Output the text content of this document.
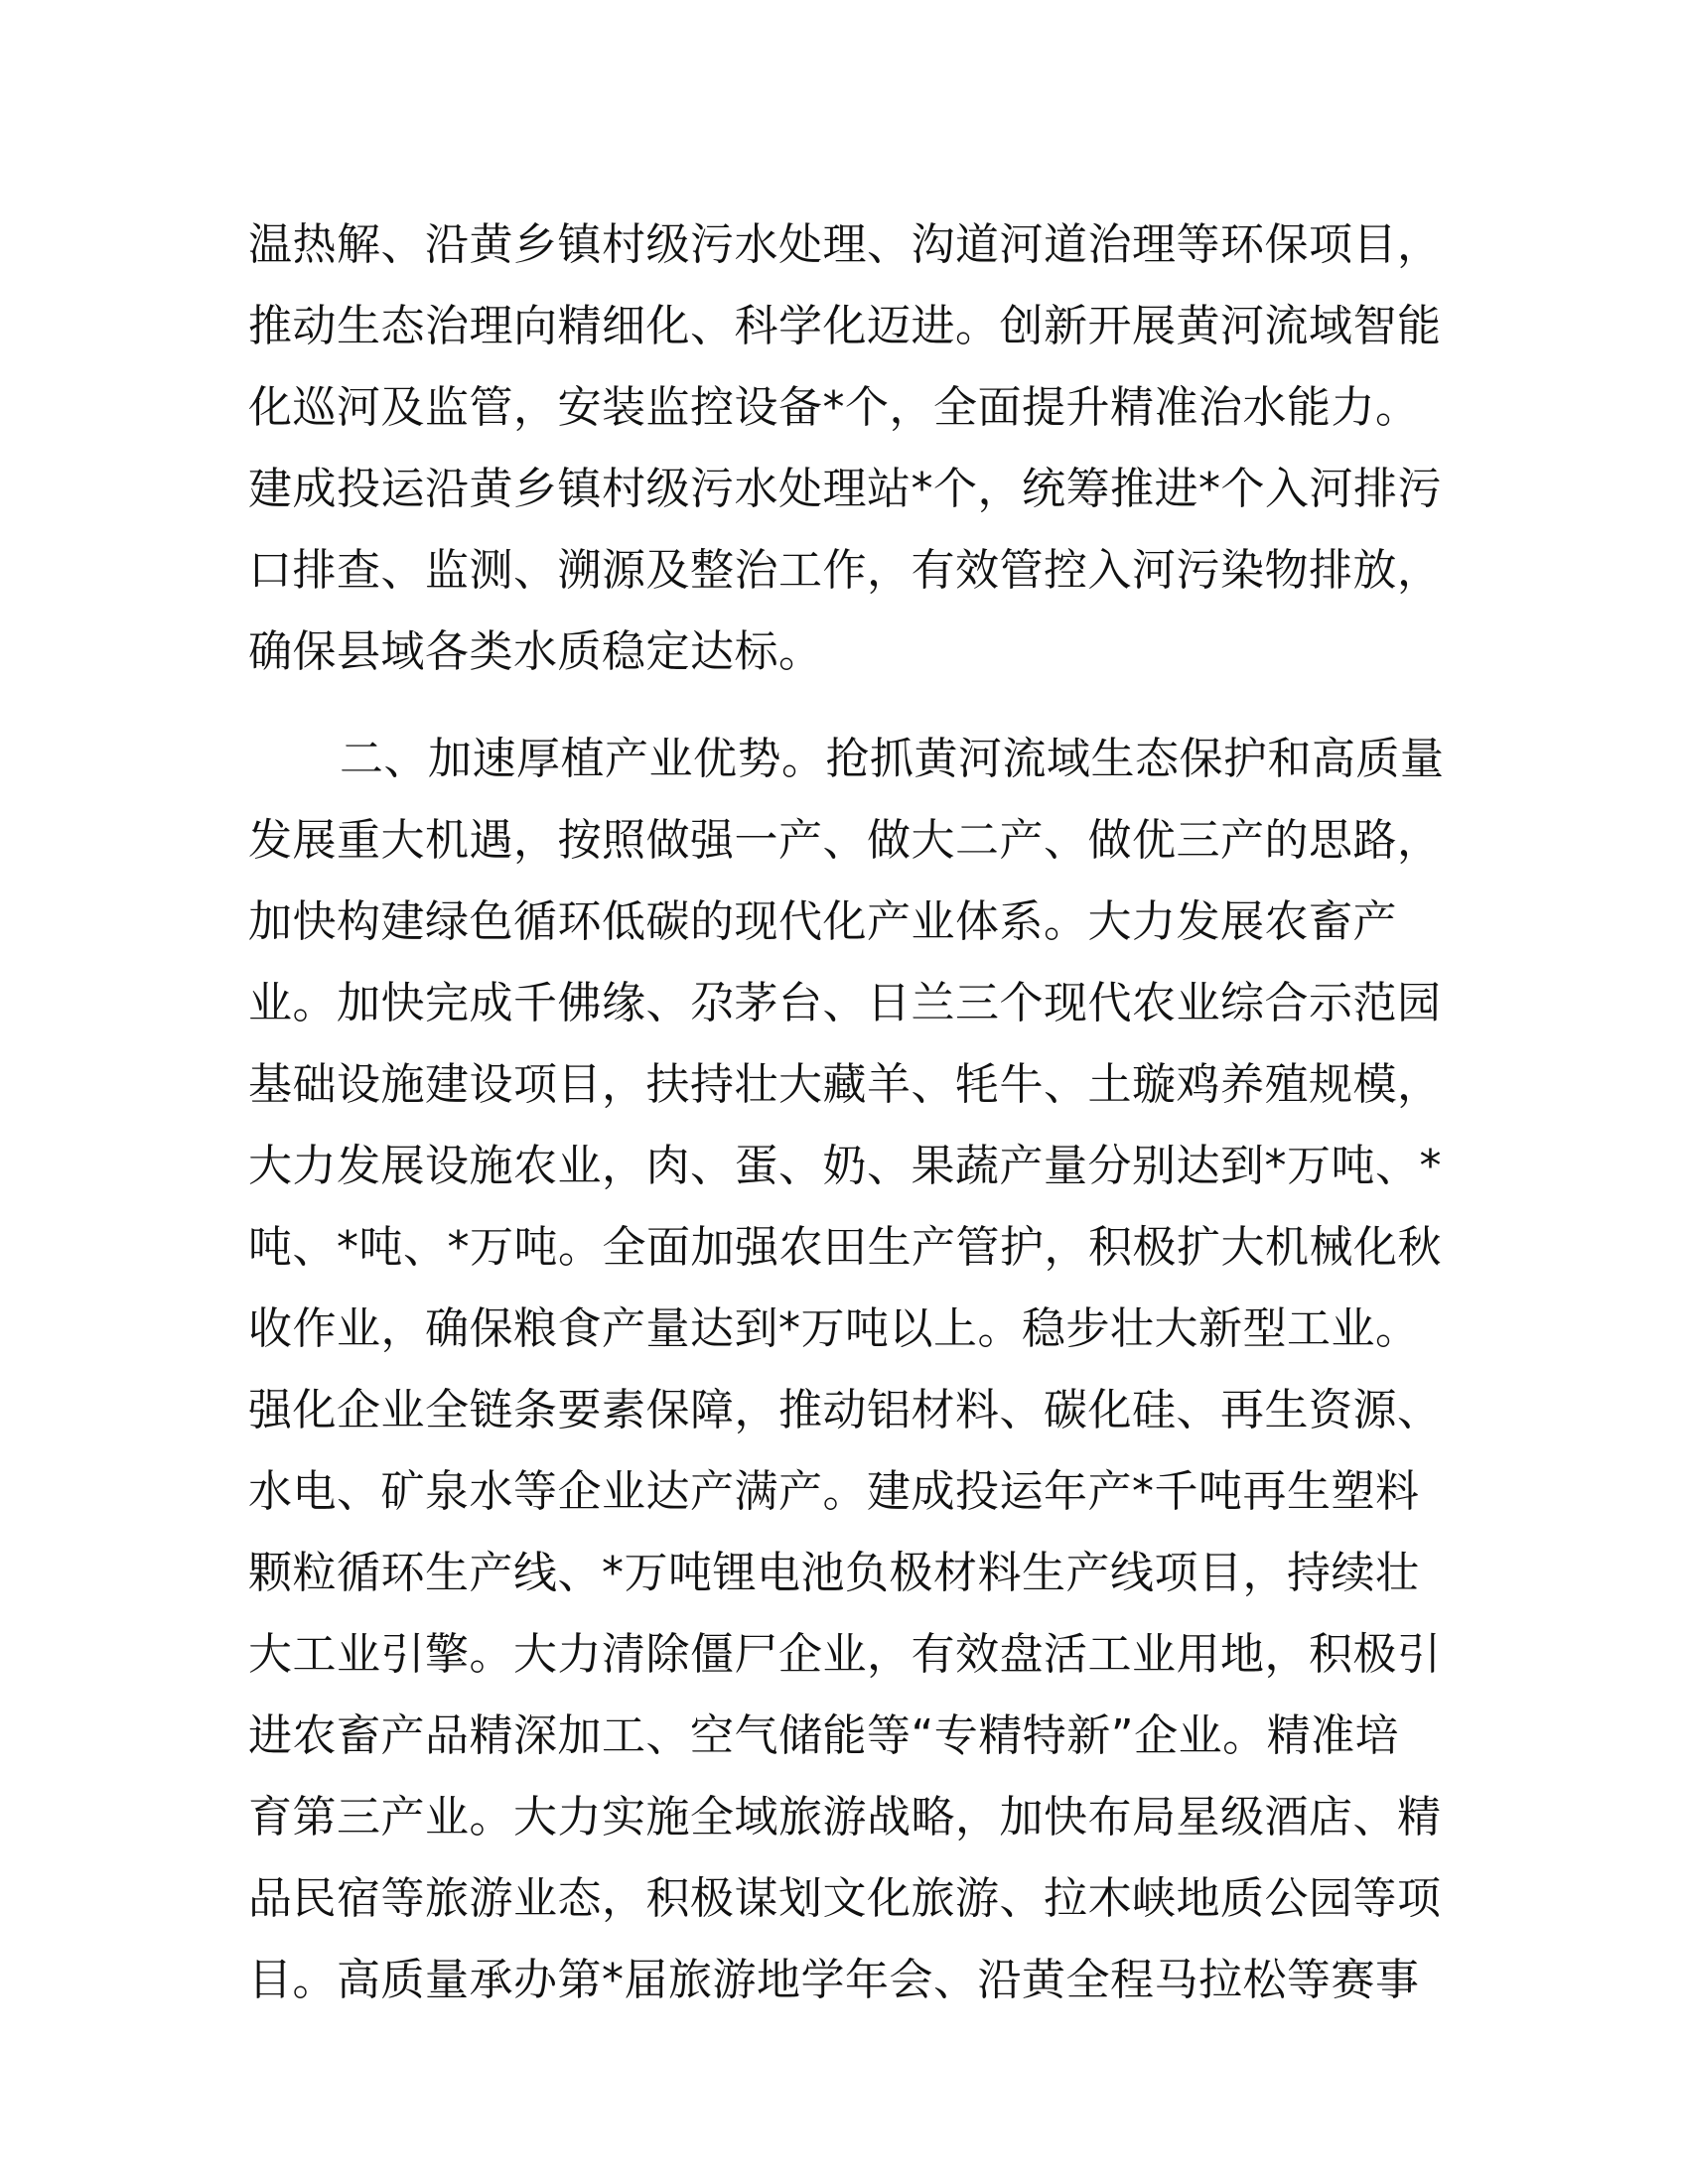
温热解、沿黄乡镇村级污水处理、沟道河道治理等环保项目，
推动生态治理向精细化、科学化迈进。创新开展黄河流域智能
化巡河及监管，安装监控设备*个，全面提升精准治水能力。
建成投运沿黄乡镇村级污水处理站*个，统筹推进*个入河排污
口排查、监测、溯源及整治工作，有效管控入河污染物排放，
确保县域各类水质稳定达标。
二、加速厚植产业优势。抢抓黄河流域生态保护和高质量
发展重大机遇，按照做强一产、做大二产、做优三产的思路，
加快构建绿色循环低碳的现代化产业体系。大力发展农畜产
业。加快完成千佛缘、尕茅台、日兰三个现代农业综合示范园
基础设施建设项目，扶持壮大藏羊、牦牛、土璇鸡养殖规模，
大力发展设施农业，肉、蛋、奶、果蔬产量分别达到*万吨、*
吨、*吨、*万吨。全面加强农田生产管护，积极扩大机械化秋
收作业，确保粮食产量达到*万吨以上。稳步壮大新型工业。
强化企业全链条要素保障，推动铝材料、碳化硅、再生资源、
水电、矿泉水等企业达产满产。建成投运年产*千吨再生塑料
颗粒循环生产线、*万吨锂电池负极材料生产线项目，持续壮
大工业引擎。大力清除僵尸企业，有效盘活工业用地，积极引
进农畜产品精深加工、空气储能等“专精特新”企业。精准培
育第三产业。大力实施全域旅游战略，加快布局星级酒店、精
品民宿等旅游业态，积极谋划文化旅游、拉木峡地质公园等项
目。高质量承办第*届旅游地学年会、沿黄全程马拉松等赛事
